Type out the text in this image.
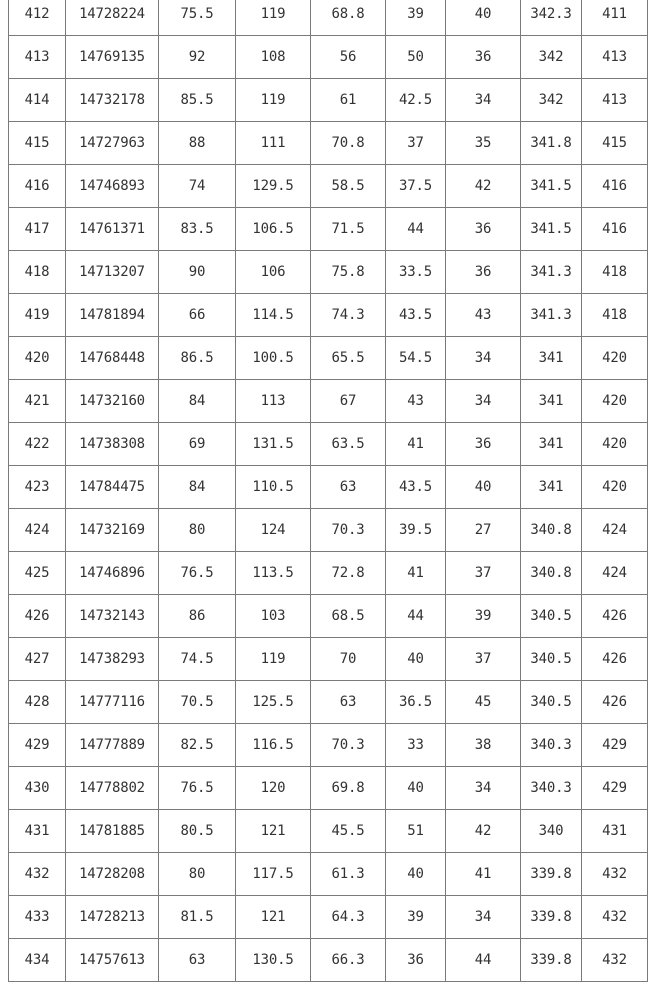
412	14728224	75.5	119	68.8	39	40	342.3	411
413	14769135	92	108	56	50	36	342	413
414	14732178	85.5	119	61	42.5	34	342	413
415	14727963	88	111	70.8	37	35	341.8	415
416	14746893	74	129.5	58.5	37.5	42	341.5	416
417	14761371	83.5	106.5	71.5	44	36	341.5	416
418	14713207	90	106	75.8	33.5	36	341.3	418
419	14781894	66	114.5	74.3	43.5	43	341.3	418
420	14768448	86.5	100.5	65.5	54.5	34	341	420
421	14732160	84	113	67	43	34	341	420
422	14738308	69	131.5	63.5	41	36	341	420
423	14784475	84	110.5	63	43.5	40	341	420
424	14732169	80	124	70.3	39.5	27	340.8	424
425	14746896	76.5	113.5	72.8	41	37	340.8	424
426	14732143	86	103	68.5	44	39	340.5	426
427	14738293	74.5	119	70	40	37	340.5	426
428	14777116	70.5	125.5	63	36.5	45	340.5	426
429	14777889	82.5	116.5	70.3	33	38	340.3	429
430	14778802	76.5	120	69.8	40	34	340.3	429
431	14781885	80.5	121	45.5	51	42	340	431
432	14728208	80	117.5	61.3	40	41	339.8	432
433	14728213	81.5	121	64.3	39	34	339.8	432
434	14757613	63	130.5	66.3	36	44	339.8	432
